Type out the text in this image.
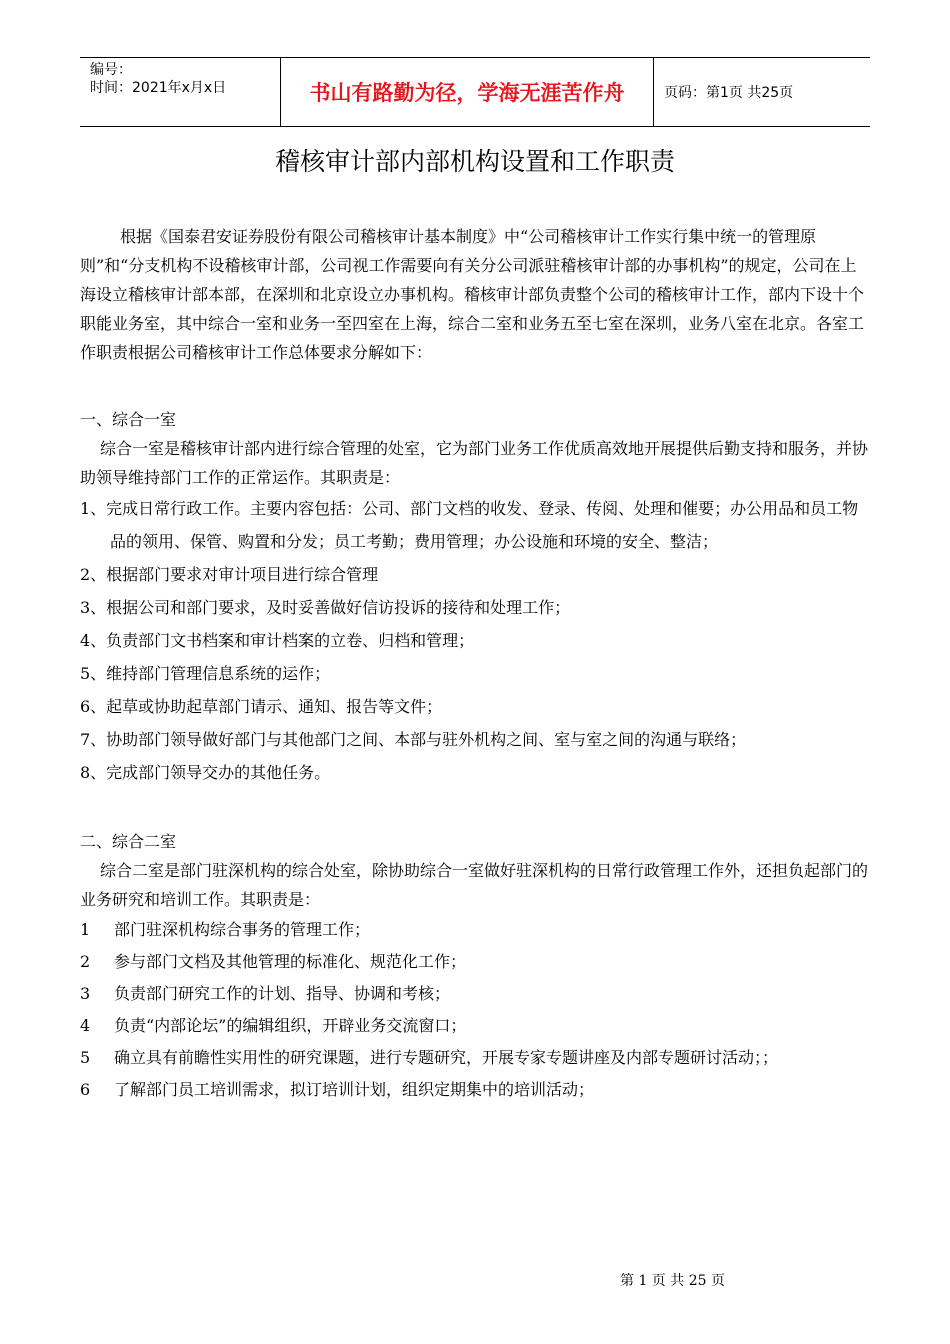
编号：
时间：2021年x月x日	书山有路勤为径，学海无涯苦作舟	页码：第1页 共25页
稽核审计部内部机构设置和工作职责

根据《国泰君安证券股份有限公司稽核审计基本制度》中“公司稽核审计工作实行集中统一的管理原则”和“分支机构不设稽核审计部，公司视工作需要向有关分公司派驻稽核审计部的办事机构”的规定，公司在上海设立稽核审计部本部，在深圳和北京设立办事机构。稽核审计部负责整个公司的稽核审计工作，部内下设十个职能业务室，其中综合一室和业务一至四室在上海，综合二室和业务五至七室在深圳，业务八室在北京。各室工作职责根据公司稽核审计工作总体要求分解如下：

一、综合一室

综合一室是稽核审计部内进行综合管理的处室，它为部门业务工作优质高效地开展提供后勤支持和服务，并协助领导维持部门工作的正常运作。其职责是：

1、完成日常行政工作。主要内容包括：公司、部门文档的收发、登录、传阅、处理和催要；办公用品和员工物品的领用、保管、购置和分发；员工考勤；费用管理；办公设施和环境的安全、整洁；
2、根据部门要求对审计项目进行综合管理
3、根据公司和部门要求，及时妥善做好信访投诉的接待和处理工作；
4、负责部门文书档案和审计档案的立卷、归档和管理；
5、维持部门管理信息系统的运作；
6、起草或协助起草部门请示、通知、报告等文件；
7、协助部门领导做好部门与其他部门之间、本部与驻外机构之间、室与室之间的沟通与联络；
8、完成部门领导交办的其他任务。
二、综合二室

综合二室是部门驻深机构的综合处室，除协助综合一室做好驻深机构的日常行政管理工作外，还担负起部门的业务研究和培训工作。其职责是：

1	部门驻深机构综合事务的管理工作；
2	参与部门文档及其他管理的标准化、规范化工作；
3	负责部门研究工作的计划、指导、协调和考核；
4	负责“内部论坛”的编辑组织，开辟业务交流窗口；
5	确立具有前瞻性实用性的研究课题，进行专题研究，开展专家专题讲座及内部专题研讨活动；；
6	了解部门员工培训需求，拟订培训计划，组织定期集中的培训活动；
第 1 页 共 25 页
